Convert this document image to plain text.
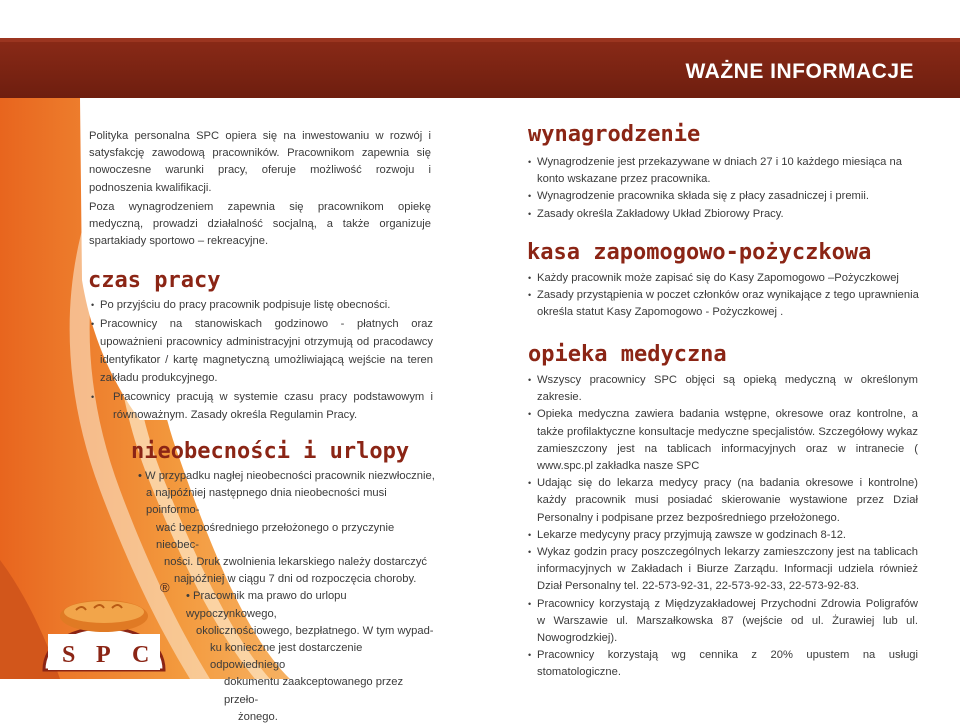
WAŻNE INFORMACJE

Polityka personalna SPC opiera się na inwestowaniu w rozwój i satysfakcję zawodową pracowników. Pracownikom zapewnia się nowoczesne warunki pracy, oferuje możliwość rozwoju i podnoszenia kwalifikacji.

Poza wynagrodzeniem zapewnia się pracownikom opiekę medyczną, prowadzi działalność socjalną, a także organizuje spartakiady sportowo – rekreacyjne.

czas pracy
• Po przyjściu do pracy pracownik podpisuje listę obecności.
• Pracownicy na stanowiskach godzinowo - płatnych oraz upoważnieni pracownicy administracyjni otrzymują od pracodawcy identyfikator / kartę magnetyczną umożliwiającą wejście na teren zakładu produkcyjnego.
• Pracownicy pracują w systemie czasu pracy podstawowym i równoważnym. Zasady określa Regulamin Pracy.
nieobecności i urlopy
• W przypadku nagłej nieobecności pracownik niezwłocznie,
a najpóźniej następnego dnia nieobecności musi poinformo-
wać bezpośredniego przełożonego o przyczynie nieobec-
ności. Druk zwolnienia lekarskiego należy dostarczyć
najpóźniej w ciągu 7 dni od rozpoczęcia choroby.
• Pracownik ma prawo do urlopu wypoczynkowego,
okolicznościowego, bezpłatnego. W tym wypad-
ku konieczne jest dostarczenie odpowiedniego
dokumentu zaakceptowanego przez przeło-
żonego.
wynagrodzenie
• Wynagrodzenie jest przekazywane w dniach 27 i 10 każdego miesiąca na konto wskazane przez pracownika.
• Wynagrodzenie pracownika składa się z płacy zasadniczej i premii.
• Zasady określa Zakładowy Układ Zbiorowy Pracy.
kasa zapomogowo-pożyczkowa
• Każdy pracownik może zapisać się do Kasy Zapomogowo –Pożyczkowej
• Zasady przystąpienia w poczet członków oraz wynikające z tego uprawnienia określa statut Kasy Zapomogowo - Pożyczkowej .
opieka medyczna
• Wszyscy pracownicy SPC objęci są opieką medyczną w określonym zakresie.
• Opieka medyczna zawiera badania wstępne, okresowe oraz kontrolne, a także profilaktyczne konsultacje medyczne specjalistów. Szczegółowy wykaz zamieszczony jest na tablicach informacyjnych oraz w intranecie ( www.spc.pl zakładka nasze SPC
• Udając się do lekarza medycy pracy (na badania okresowe i kontrolne) każdy pracownik musi posiadać skierowanie wystawione przez Dział Personalny i podpisane przez bezpośredniego przełożonego.
• Lekarze medycyny pracy przyjmują zawsze w godzinach 8-12.
• Wykaz godzin pracy poszczególnych lekarzy zamieszczony jest na tablicach informacyjnych w Zakładach i Biurze Zarządu. Informacji udziela również Dział Personalny tel. 22-573-92-31, 22-573-92-33, 22-573-92-83.
• Pracownicy korzystają z Międzyzakładowej Przychodni Zdrowia Poligrafów w Warszawie ul. Marszałkowska 87 (wejście od ul. Żurawiej lub ul. Nowogrodzkiej).
• Pracownicy korzystają wg cennika z 20% upustem na usługi stomatologiczne.
S P C
®
